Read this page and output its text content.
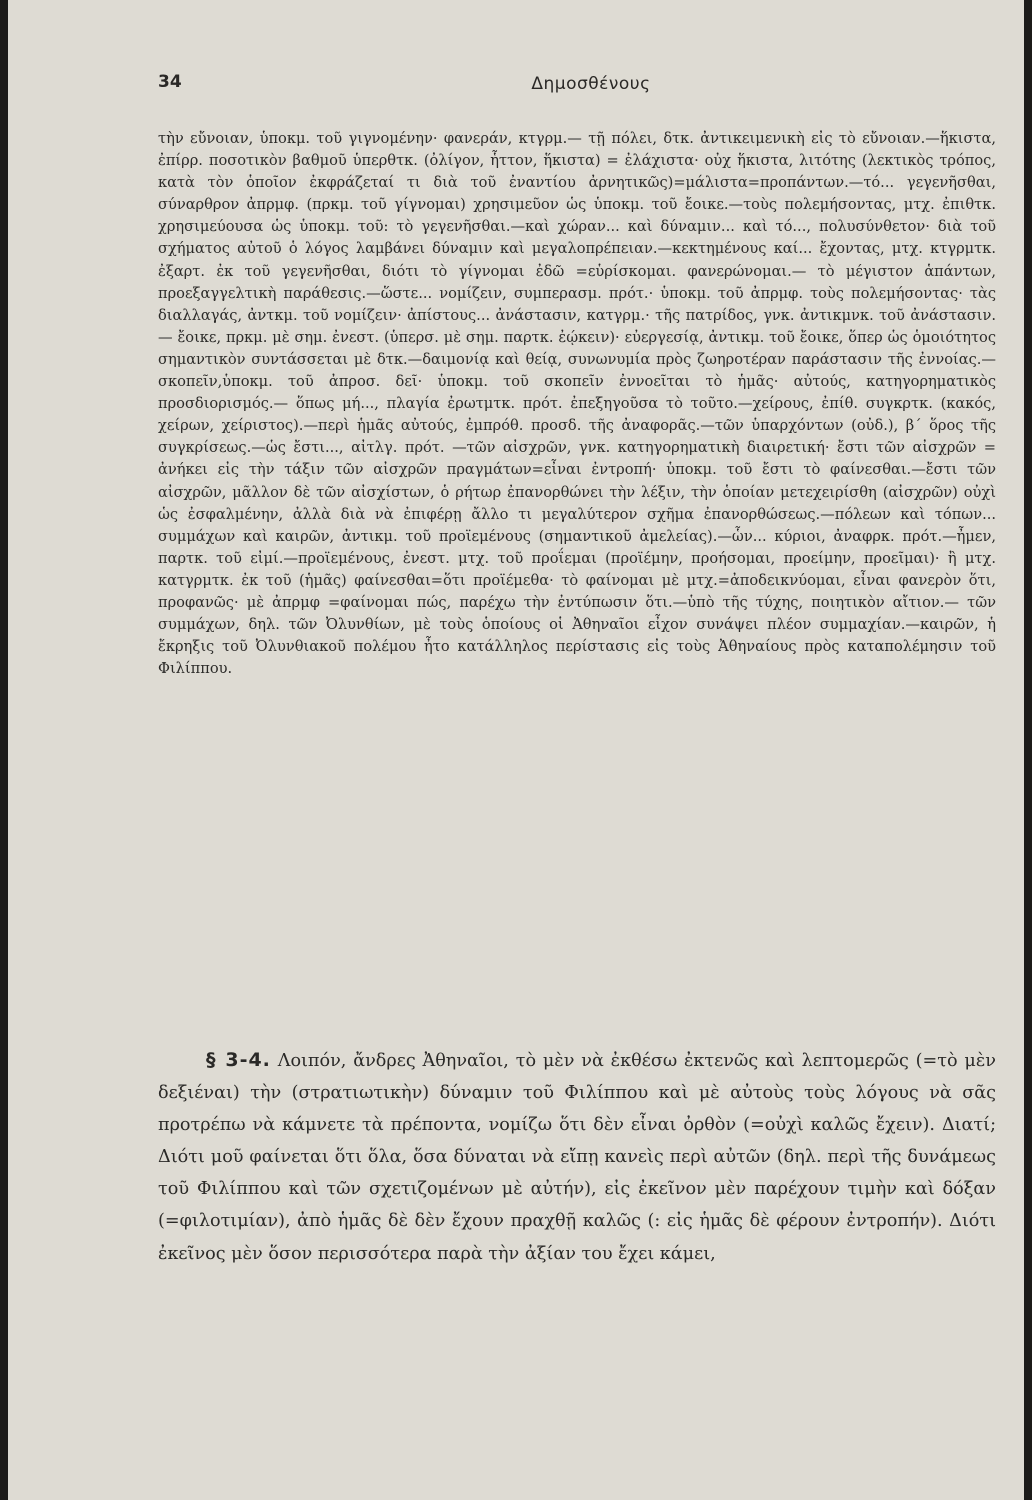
34	Δημοσθένους

τὴν εὔνοιαν, ὑποκμ. τοῦ γιγνομένην· φανεράν, κτγρμ.— τῇ πόλει, δτκ. ἀντικειμενικὴ εἰς τὸ εὔνοιαν.—ἥκιστα, ἐπίρρ. ποσοτικὸν βαθμοῦ ὑπερθτκ. (ὀλίγον, ἧττον, ἥκιστα) = ἐλάχιστα· οὐχ ἥκιστα, λιτότης (λεκτικὸς τρόπος, κατὰ τὸν ὁποῖον ἐκφράζεταί τι διὰ τοῦ ἐναντίου ἀρνητικῶς)=μάλιστα=προπάντων.—τό... γεγενῆσθαι, σύναρθρον ἀπρμφ. (πρκμ. τοῦ γίγνομαι) χρησιμεῦον ὡς ὑποκμ. τοῦ ἔοικε.—τοὺς πολεμήσοντας, μτχ. ἐπιθτκ. χρησιμεύουσα ὡς ὑποκμ. τοῦ: τὸ γεγενῆσθαι.—καὶ χώραν... καὶ δύναμιν... καὶ τό..., πολυσύνθετον· διὰ τοῦ σχήματος αὐτοῦ ὁ λόγος λαμβάνει δύναμιν καὶ μεγαλοπρέπειαν.—κεκτημένους καί... ἔχοντας, μτχ. κτγρμτκ. ἐξαρτ. ἐκ τοῦ γεγενῆσθαι, διότι τὸ γίγνομαι ἐδῶ =εὑρίσκομαι. φανερώνομαι.— τὸ μέγιστον ἁπάντων, προεξαγγελτικὴ παράθεσις.—ὥστε... νομίζειν, συμπερασμ. πρότ.· ὑποκμ. τοῦ ἀπρμφ. τοὺς πολεμήσοντας· τὰς διαλλαγάς, ἀντκμ. τοῦ νομίζειν· ἀπίστους... ἀνάστασιν, κατγρμ.· τῆς πατρίδος, γνκ. ἀντικμνκ. τοῦ ἀνάστασιν.— ἔοικε, πρκμ. μὲ σημ. ἐνεστ. (ὑπερσ. μὲ σημ. παρτκ. ἐῴκειν)· εὐεργεσίᾳ, ἀντικμ. τοῦ ἔοικε, ὅπερ ὡς ὁμοιότητος σημαντικὸν συντάσσεται μὲ δτκ.—δαιμονίᾳ καὶ θείᾳ, συνωνυμία πρὸς ζωηροτέραν παράστασιν τῆς ἐννοίας.— σκοπεῖν,ὑποκμ. τοῦ ἀπροσ. δεῖ· ὑποκμ. τοῦ σκοπεῖν ἐννοεῖται τὸ ἡμᾶς· αὐτούς, κατηγορηματικὸς προσδιορισμός.— ὅπως μή..., πλαγία ἐρωτμτκ. πρότ. ἐπεξηγοῦσα τὸ τοῦτο.—χείρους, ἐπίθ. συγκρτκ. (κακός, χείρων, χείριστος).—περὶ ἡμᾶς αὐτούς, ἐμπρόθ. προσδ. τῆς ἀναφορᾶς.—τῶν ὑπαρχόντων (οὐδ.), β´ ὅρος τῆς συγκρίσεως.—ὡς ἔστι..., αἰτλγ. πρότ. —τῶν αἰσχρῶν, γνκ. κατηγορηματικὴ διαιρετική· ἔστι τῶν αἰσχρῶν = ἀνήκει εἰς τὴν τάξιν τῶν αἰσχρῶν πραγμάτων=εἶναι ἐντροπή· ὑποκμ. τοῦ ἔστι τὸ φαίνεσθαι.—ἔστι τῶν αἰσχρῶν, μᾶλλον δὲ τῶν αἰσχίστων, ὁ ρήτωρ ἐπανορθώνει τὴν λέξιν, τὴν ὁποίαν μετεχειρίσθη (αἰσχρῶν) οὐχὶ ὡς ἐσφαλμένην, ἀλλὰ διὰ νὰ ἐπιφέρῃ ἄλλο τι μεγαλύτερον σχῆμα ἐπανορθώσεως.—πόλεων καὶ τόπων... συμμάχων καὶ καιρῶν, ἀντικμ. τοῦ προϊεμένους (σημαντικοῦ ἀμελείας).—ὧν... κύριοι, ἀναφρκ. πρότ.—ἦμεν, παρτκ. τοῦ εἰμί.—προϊεμένους, ἐνεστ. μτχ. τοῦ προΐεμαι (προϊέμην, προήσομαι, προείμην, προεῖμαι)· ἢ μτχ. κατγρμτκ. ἐκ τοῦ (ἡμᾶς) φαίνεσθαι=ὅτι προϊέμεθα· τὸ φαίνομαι μὲ μτχ.=ἀποδεικνύομαι, εἶναι φανερὸν ὅτι, προφανῶς· μὲ ἀπρμφ =φαίνομαι πώς, παρέχω τὴν ἐντύπωσιν ὅτι.—ὑπὸ τῆς τύχης, ποιητικὸν αἴτιον.— τῶν συμμάχων, δηλ. τῶν Ὀλυνθίων, μὲ τοὺς ὁποίους οἱ Ἀθηναῖοι εἶχον συνάψει πλέον συμμαχίαν.—καιρῶν, ἡ ἔκρηξις τοῦ Ὀλυνθιακοῦ πολέμου ἦτο κατάλληλος περίστασις εἰς τοὺς Ἀθηναίους πρὸς καταπολέμησιν τοῦ Φιλίππου.

§ 3-4. Λοιπόν, ἄνδρες Ἀθηναῖοι, τὸ μὲν νὰ ἐκθέσω ἐκτενῶς καὶ λεπτομερῶς (=τὸ μὲν δεξιέναι) τὴν (στρατιωτικὴν) δύναμιν τοῦ Φιλίππου καὶ μὲ αὐτοὺς τοὺς λόγους νὰ σᾶς προτρέπω νὰ κάμνετε τὰ πρέποντα, νομίζω ὅτι δὲν εἶναι ὀρθὸν (=οὐχὶ καλῶς ἔχειν). Διατί; Διότι μοῦ φαίνεται ὅτι ὅλα, ὅσα δύναται νὰ εἴπῃ κανεὶς περὶ αὐτῶν (δηλ. περὶ τῆς δυνάμεως τοῦ Φιλίππου καὶ τῶν σχετιζομένων μὲ αὐτήν), εἰς ἐκεῖνον μὲν παρέχουν τιμὴν καὶ δόξαν (=φιλοτιμίαν), ἀπὸ ἡμᾶς δὲ δὲν ἔχουν πραχθῇ καλῶς (: εἰς ἡμᾶς δὲ φέρουν ἐντροπήν). Διότι ἐκεῖνος μὲν ὅσον περισσότερα παρὰ τὴν ἀξίαν του ἔχει κάμει,
